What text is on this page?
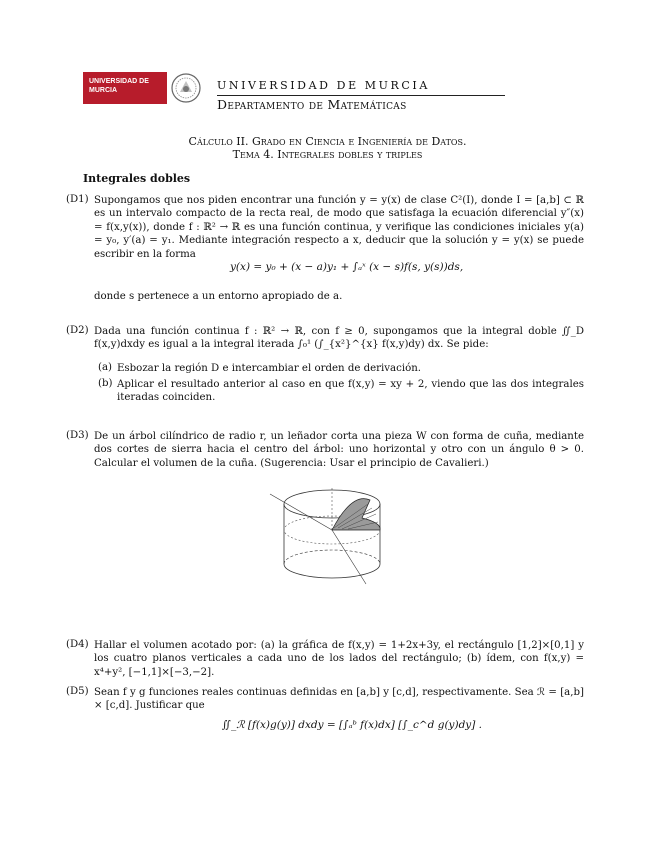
UNIVERSIDAD DE MURCIA	UNIVERSIDAD DE MURCIA
Departamento de Matemáticas
Cálculo II. Grado en Ciencia e Ingeniería de Datos.
Tema 4. Integrales dobles y triples
Integrales dobles
(D1) Supongamos que nos piden encontrar una función y = y(x) de clase C²(I), donde I = [a,b] ⊂ ℝ es un intervalo compacto de la recta real, de modo que satisfaga la ecuación diferencial y″(x) = f(x,y(x)), donde f : ℝ² → ℝ es una función continua, y verifique las condiciones iniciales y(a) = y₀, y′(a) = y₁. Mediante integración respecto a x, deducir que la solución y = y(x) se puede escribir en la forma
y(x) = y₀ + (x − a)y₁ + ∫ₐˣ (x − s)f(s, y(s))ds,
donde s pertenece a un entorno apropiado de a.
(D2) Dada una función continua f : ℝ² → ℝ, con f ≥ 0, supongamos que la integral doble ∬_D f(x,y)dxdy es igual a la integral iterada ∫₀¹ (∫_{x²}^{x} f(x,y)dy) dx. Se pide:
(a) Esbozar la región D e intercambiar el orden de derivación.
(b) Aplicar el resultado anterior al caso en que f(x,y) = xy + 2, viendo que las dos integrales iteradas coinciden.
(D3) De un árbol cilíndrico de radio r, un leñador corta una pieza W con forma de cuña, mediante dos cortes de sierra hacia el centro del árbol: uno horizontal y otro con un ángulo θ > 0. Calcular el volumen de la cuña. (Sugerencia: Usar el principio de Cavalieri.)
(D4) Hallar el volumen acotado por: (a) la gráfica de f(x,y) = 1+2x+3y, el rectángulo [1,2]×[0,1] y los cuatro planos verticales a cada uno de los lados del rectángulo; (b) ídem, con f(x,y) = x⁴+y², [−1,1]×[−3,−2].
(D5) Sean f y g funciones reales continuas definidas en [a,b] y [c,d], respectivamente. Sea ℛ = [a,b] × [c,d]. Justificar que
∬_ℛ [f(x)g(y)] dxdy = [∫ₐᵇ f(x)dx] [∫_c^d g(y)dy] .
